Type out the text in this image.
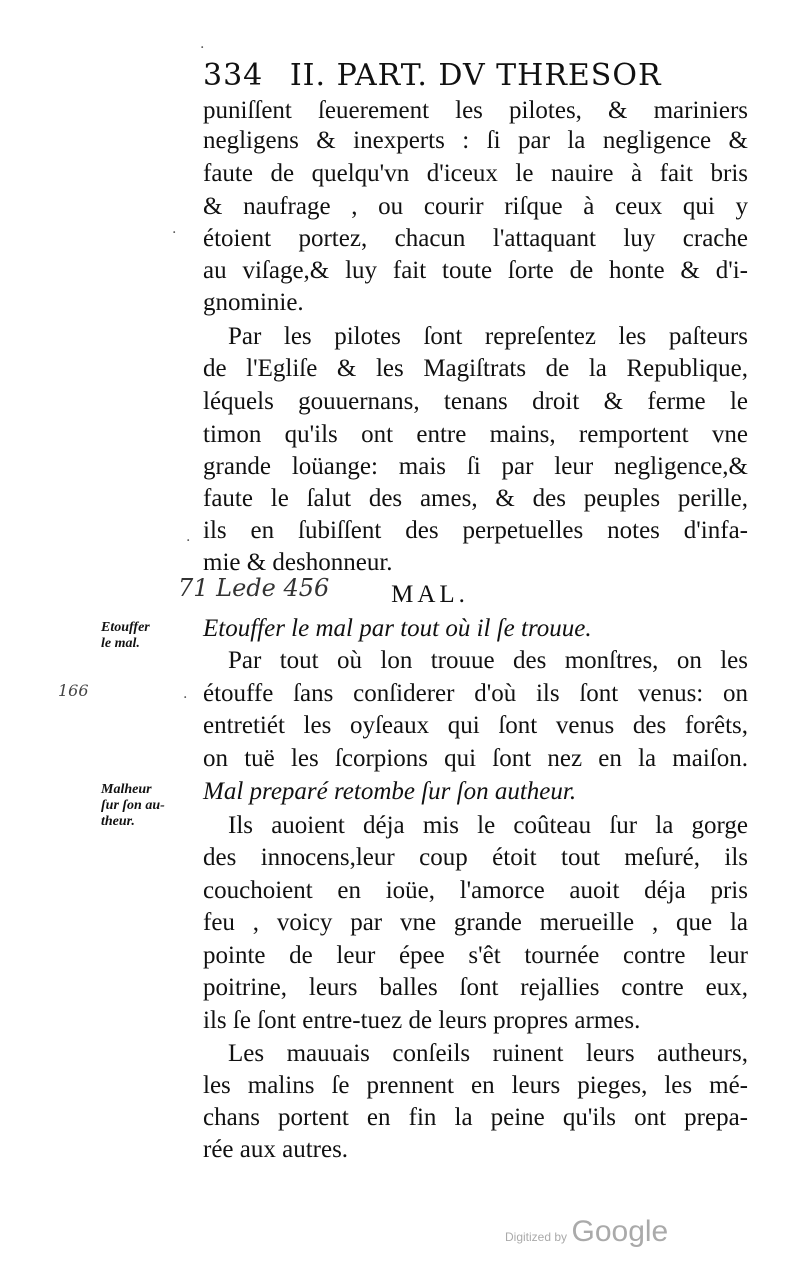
334 II. PART. DV THRESOR
puniſſent ſeuerement les pilotes, & mariniers
negligens & inexperts : ſi par la negligence &
faute de quelqu'vn d'iceux le nauire à fait bris
& naufrage , ou courir riſque à ceux qui y
étoient portez, chacun l'attaquant luy crache
au viſage,& luy fait toute ſorte de honte & d'i-
gnominie.
Par les pilotes ſont repreſentez les paſteurs
de l'Egliſe & les Magiſtrats de la Republique,
léquels gouuernans, tenans droit & ferme le
timon qu'ils ont entre mains, remportent vne
grande loüange: mais ſi par leur negligence,&
faute le ſalut des ames, & des peuples perille,
ils en ſubiſſent des perpetuelles notes d'infa-
mie & deshonneur.
71 Lede 456	MAL.
Etouffer le mal par tout où il ſe trouue.
Etouffer
le mal.
166
Par tout où lon trouue des monſtres, on les
étouffe ſans conſiderer d'où ils ſont venus: on
entretiét les oyſeaux qui ſont venus des forêts,
on tuë les ſcorpions qui ſont nez en la maiſon.
Mal preparé retombe ſur ſon autheur.
Malheur
ſur ſon au-
theur.	Ils auoient déja mis le coûteau ſur la gorge
des innocens,leur coup étoit tout meſuré, ils
couchoient en ioüe, l'amorce auoit déja pris
feu , voicy par vne grande merueille , que la
pointe de leur épee s'êt tournée contre leur
poitrine, leurs balles ſont rejallies contre eux,
ils ſe ſont entre-tuez de leurs propres armes.
Les mauuais conſeils ruinent leurs autheurs,
les malins ſe prennent en leurs pieges, les mé-
chans portent en fin la peine qu'ils ont prepa-
rée aux autres.
·
·
·
·
Digitized by Google
